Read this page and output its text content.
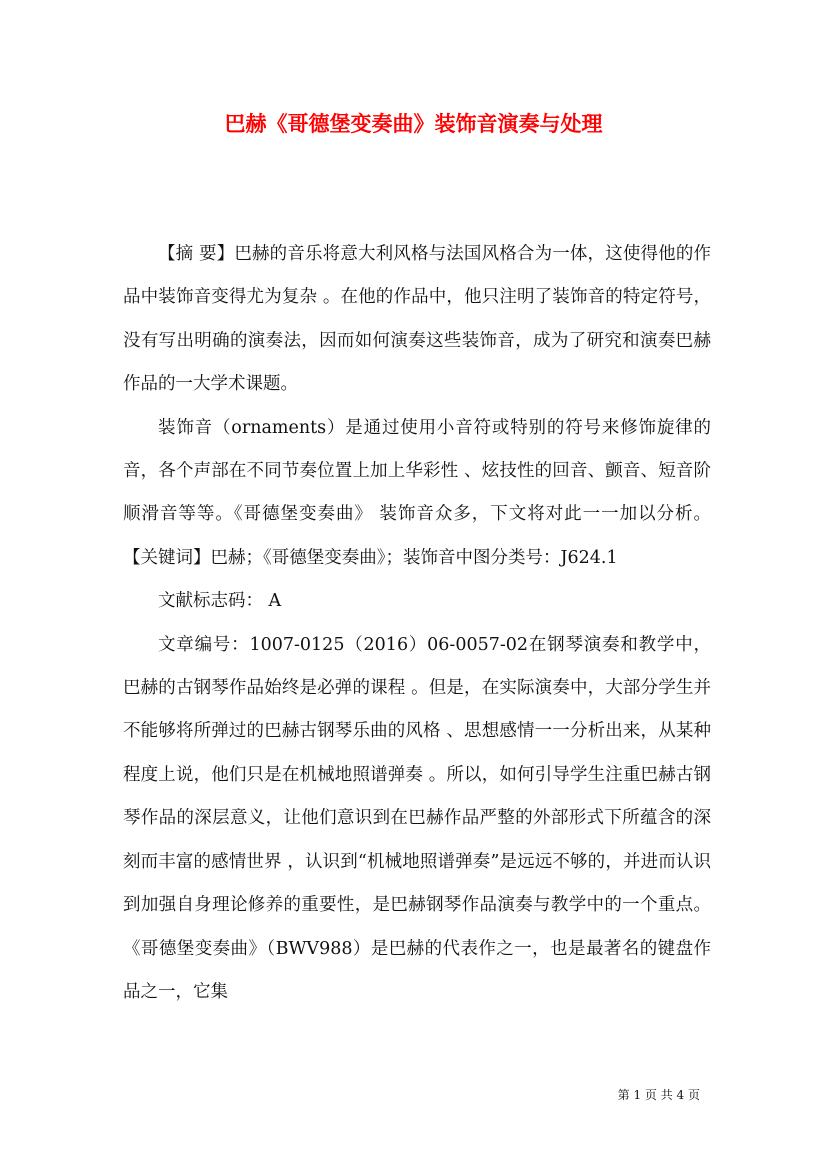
巴赫《哥德堡变奏曲》装饰音演奏与处理

【摘 要】巴赫的音乐将意大利风格与法国风格合为一体，这使得他的作品中装饰音变得尤为复杂 。在他的作品中，他只注明了装饰音的特定符号，没有写出明确的演奏法，因而如何演奏这些装饰音，成为了研究和演奏巴赫作品的一大学术课题。

装饰音（ornaments）是通过使用小音符或特别的符号来修饰旋律的音，各个声部在不同节奏位置上加上华彩性 、炫技性的回音、颤音、短音阶顺滑音等等。《哥德堡变奏曲》 装饰音众多，下文将对此一一加以分析。 【关键词】巴赫；《哥德堡变奏曲》；装饰音中图分类号：J624.1

文献标志码： A

文章编号：1007-0125（2016）06-0057-02在钢琴演奏和教学中，巴赫的古钢琴作品始终是必弹的课程 。但是，在实际演奏中，大部分学生并不能够将所弹过的巴赫古钢琴乐曲的风格 、思想感情一一分析出来，从某种程度上说，他们只是在机械地照谱弹奏 。所以，如何引导学生注重巴赫古钢琴作品的深层意义，让他们意识到在巴赫作品严整的外部形式下所蕴含的深刻而丰富的感情世界 ，认识到“机械地照谱弹奏”是远远不够的，并进而认识到加强自身理论修养的重要性，是巴赫钢琴作品演奏与教学中的一个重点。《哥德堡变奏曲》（BWV988）是巴赫的代表作之一，也是最著名的键盘作品之一，它集

第 1 页 共 4 页
